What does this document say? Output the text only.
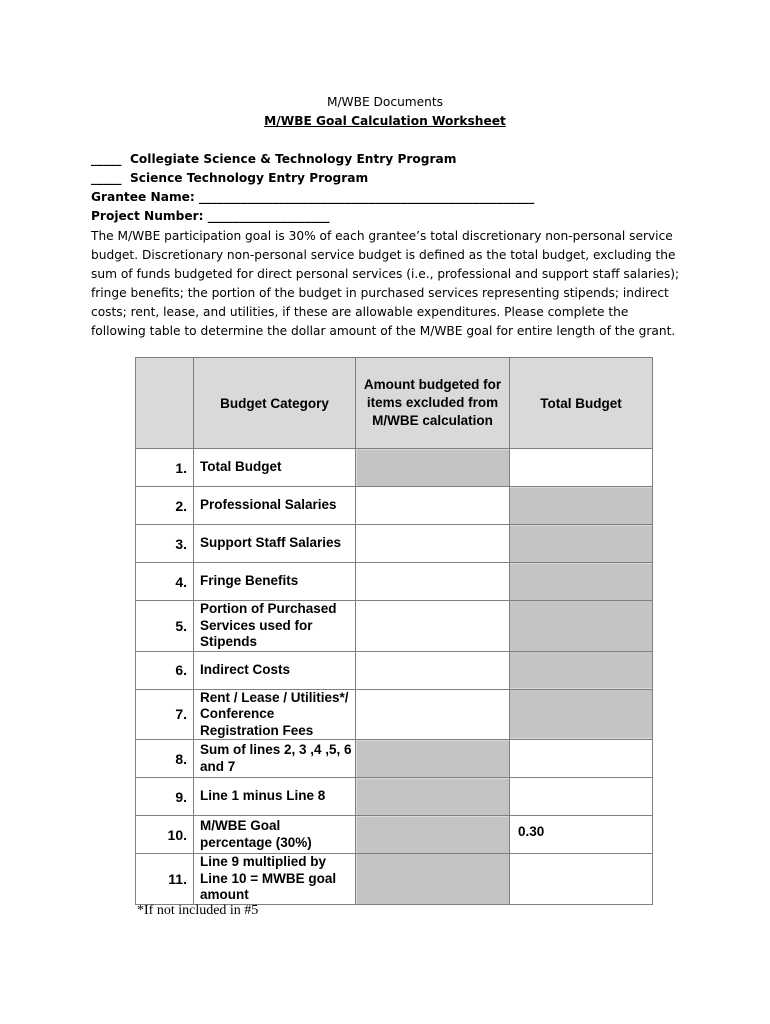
M/WBE Documents
M/WBE Goal Calculation Worksheet
_____  Collegiate Science & Technology Entry Program
_____  Science Technology Entry Program
Grantee Name: _______________________________________________________
Project Number: ____________________
The M/WBE participation goal is 30% of each grantee’s total discretionary non-personal service budget. Discretionary non-personal service budget is defined as the total budget, excluding the sum of funds budgeted for direct personal services (i.e., professional and support staff salaries); fringe benefits; the portion of the budget in purchased services representing stipends; indirect costs; rent, lease, and utilities, if these are allowable expenditures. Please complete the following table to determine the dollar amount of the M/WBE goal for entire length of the grant.
	Budget Category	Amount budgeted for items excluded from M/WBE calculation	Total Budget
1.	Total Budget		
2.	Professional Salaries		
3.	Support Staff Salaries		
4.	Fringe Benefits		
5.	Portion of Purchased Services used for Stipends		
6.	Indirect Costs		
7.	Rent / Lease / Utilities*/ Conference Registration Fees		
8.	Sum of lines 2, 3 ,4 ,5, 6 and 7		
9.	Line 1 minus Line 8		
10.	M/WBE Goal percentage (30%)		0.30
11.	Line 9 multiplied by Line 10 = MWBE goal amount		
*If not included in #5
